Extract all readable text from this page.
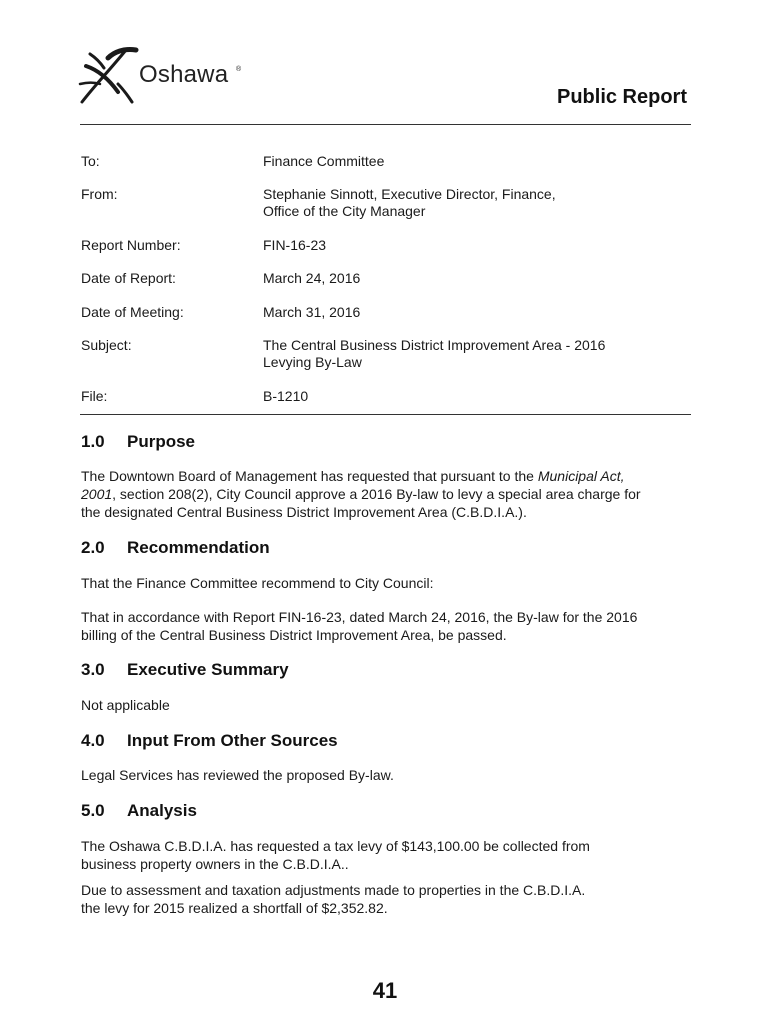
Oshawa ®
Public Report
To:	Finance Committee
From:	Stephanie Sinnott, Executive Director, Finance,
Office of the City Manager
Report Number:	FIN-16-23
Date of Report:	March 24, 2016
Date of Meeting:	March 31, 2016
Subject:	The Central Business District Improvement Area - 2016
Levying By-Law
File:	B-1210
1.0 Purpose
The Downtown Board of Management has requested that pursuant to the Municipal Act,
2001, section 208(2), City Council approve a 2016 By-law to levy a special area charge for
the designated Central Business District Improvement Area (C.B.D.I.A.).
2.0 Recommendation
That the Finance Committee recommend to City Council:
That in accordance with Report FIN-16-23, dated March 24, 2016, the By-law for the 2016
billing of the Central Business District Improvement Area, be passed.
3.0 Executive Summary
Not applicable
4.0 Input From Other Sources
Legal Services has reviewed the proposed By-law.
5.0 Analysis
The Oshawa C.B.D.I.A. has requested a tax levy of $143,100.00 be collected from
business property owners in the C.B.D.I.A..
Due to assessment and taxation adjustments made to properties in the C.B.D.I.A.
the levy for 2015 realized a shortfall of $2,352.82.
41
